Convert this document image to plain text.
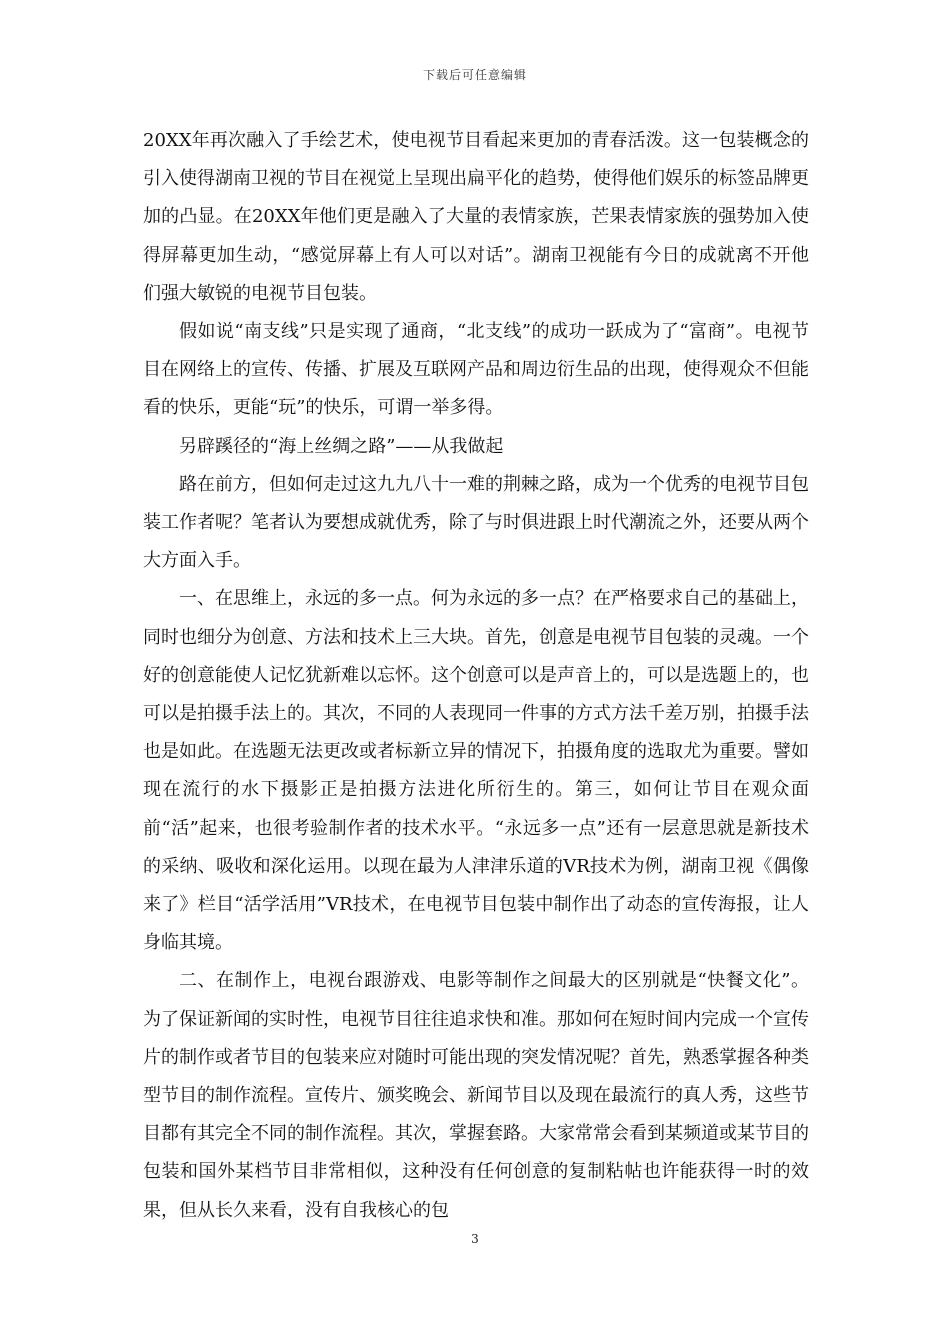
下载后可任意编辑

20XX年再次融入了手绘艺术，使电视节目看起来更加的青春活泼。这一包装概念的引入使得湖南卫视的节目在视觉上呈现出扁平化的趋势，使得他们娱乐的标签品牌更加的凸显。在20XX年他们更是融入了大量的表情家族，芒果表情家族的强势加入使得屏幕更加生动，“感觉屏幕上有人可以对话”。湖南卫视能有今日的成就离不开他们强大敏锐的电视节目包装。

假如说“南支线”只是实现了通商，“北支线”的成功一跃成为了“富商”。电视节目在网络上的宣传、传播、扩展及互联网产品和周边衍生品的出现，使得观众不但能看的快乐，更能“玩”的快乐，可谓一举多得。

另辟蹊径的“海上丝绸之路”——从我做起

路在前方，但如何走过这九九八十一难的荆棘之路，成为一个优秀的电视节目包装工作者呢？笔者认为要想成就优秀，除了与时俱进跟上时代潮流之外，还要从两个大方面入手。

一、在思维上，永远的多一点。何为永远的多一点？在严格要求自己的基础上，同时也细分为创意、方法和技术上三大块。首先，创意是电视节目包装的灵魂。一个好的创意能使人记忆犹新难以忘怀。这个创意可以是声音上的，可以是选题上的，也可以是拍摄手法上的。其次，不同的人表现同一件事的方式方法千差万别，拍摄手法也是如此。在选题无法更改或者标新立异的情况下，拍摄角度的选取尤为重要。譬如现在流行的水下摄影正是拍摄方法进化所衍生的。第三，如何让节目在观众面前“活”起来，也很考验制作者的技术水平。“永远多一点”还有一层意思就是新技术的采纳、吸收和深化运用。以现在最为人津津乐道的VR技术为例，湖南卫视《偶像来了》栏目“活学活用”VR技术，在电视节目包装中制作出了动态的宣传海报，让人身临其境。

二、在制作上，电视台跟游戏、电影等制作之间最大的区别就是“快餐文化”。为了保证新闻的实时性，电视节目往往追求快和准。那如何在短时间内完成一个宣传片的制作或者节目的包装来应对随时可能出现的突发情况呢？首先，熟悉掌握各种类型节目的制作流程。宣传片、颁奖晚会、新闻节目以及现在最流行的真人秀，这些节目都有其完全不同的制作流程。其次，掌握套路。大家常常会看到某频道或某节目的包装和国外某档节目非常相似，这种没有任何创意的复制粘帖也许能获得一时的效果，但从长久来看，没有自我核心的包

3
